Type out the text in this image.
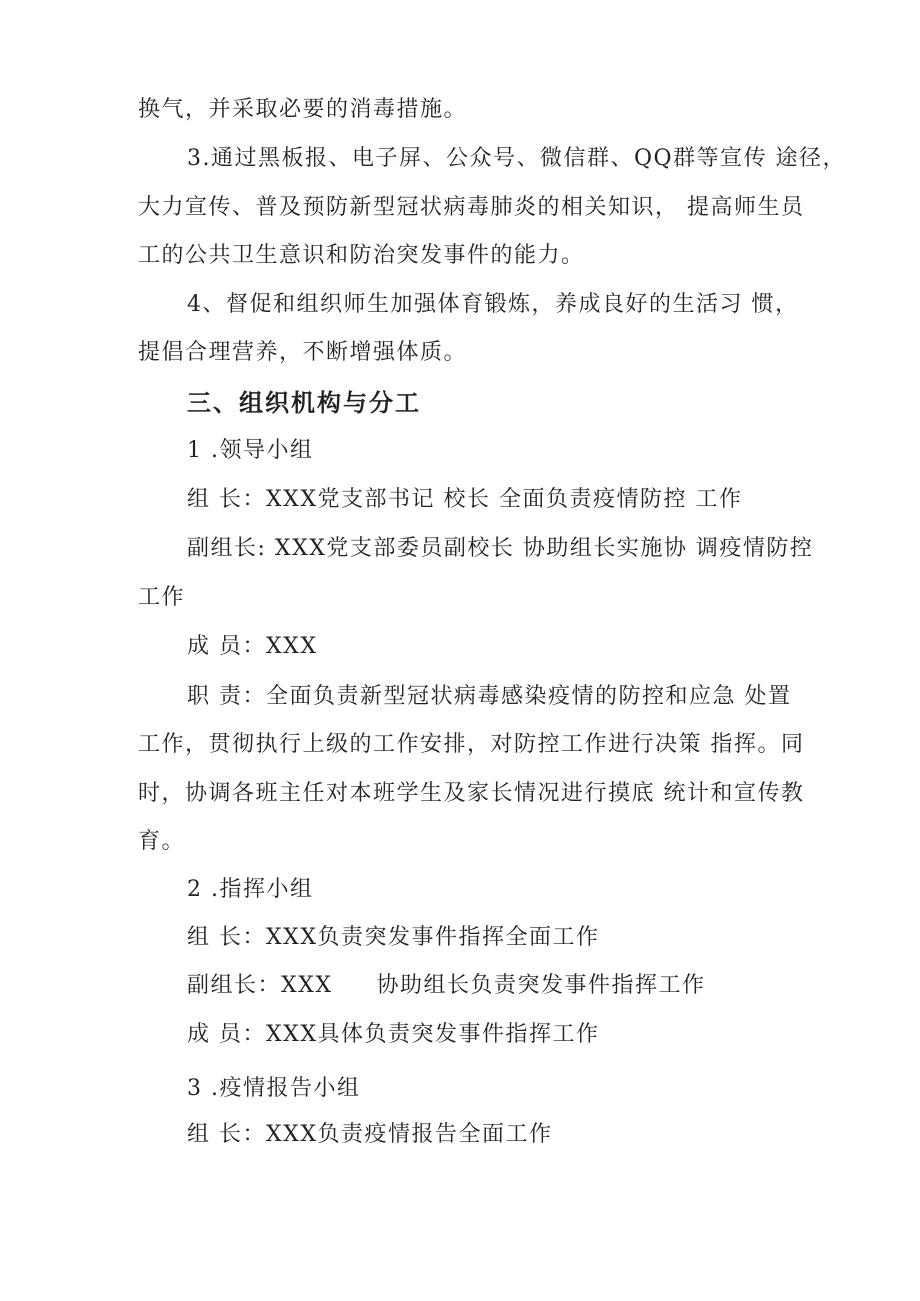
换气，并采取必要的消毒措施。
3.通过黑板报、电子屏、公众号、微信群、QQ群等宣传 途径，
大力宣传、普及预防新型冠状病毒肺炎的相关知识， 提高师生员
工的公共卫生意识和防治突发事件的能力。
4、督促和组织师生加强体育锻炼，养成良好的生活习 惯，
提倡合理营养，不断增强体质。
三、组织机构与分工
1 .领导小组
组 长：XXX党支部书记 校长 全面负责疫情防控 工作
副组长: XXX党支部委员副校长 协助组长实施协 调疫情防控
工作
成 员：XXX
职 责：全面负责新型冠状病毒感染疫情的防控和应急 处置
工作，贯彻执行上级的工作安排，对防控工作进行决策 指挥。同
时，协调各班主任对本班学生及家长情况进行摸底 统计和宣传教
育。
2 .指挥小组
组 长：XXX负责突发事件指挥全面工作
副组长：XXX 协助组长负责突发事件指挥工作
成 员：XXX具体负责突发事件指挥工作
3 .疫情报告小组
组 长：XXX负责疫情报告全面工作
